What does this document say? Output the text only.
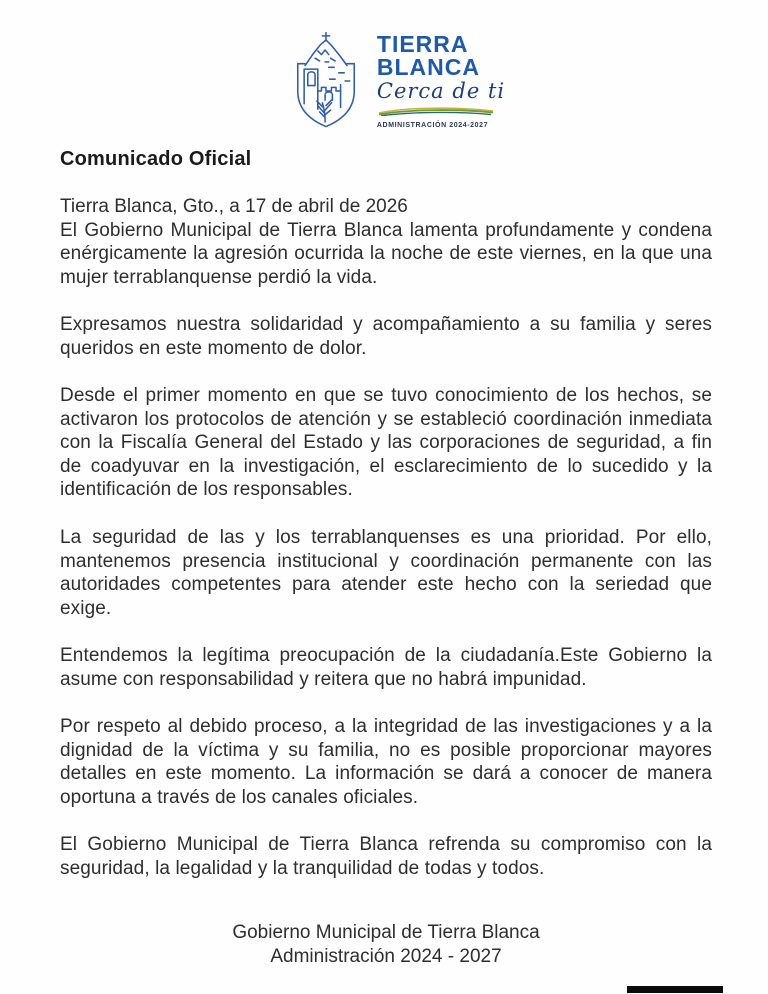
TIERRA
BLANCA
Cerca de ti
ADMINISTRACIÓN 2024-2027
Comunicado Oficial
Tierra Blanca, Gto., a 17 de abril de 2026

El Gobierno Municipal de Tierra Blanca lamenta profundamente y condena enérgicamente la agresión ocurrida la noche de este viernes, en la que una mujer terrablanquense perdió la vida.

Expresamos nuestra solidaridad y acompañamiento a su familia y seres queridos en este momento de dolor.

Desde el primer momento en que se tuvo conocimiento de los hechos, se activaron los protocolos de atención y se estableció coordinación inmediata con la Fiscalía General del Estado y las corporaciones de seguridad, a fin de coadyuvar en la investigación, el esclarecimiento de lo sucedido y la identificación de los responsables.

La seguridad de las y los terrablanquenses es una prioridad. Por ello, mantenemos presencia institucional y coordinación permanente con las autoridades competentes para atender este hecho con la seriedad que exige.

Entendemos la legítima preocupación de la ciudadanía.Este Gobierno la asume con responsabilidad y reitera que no habrá impunidad.

Por respeto al debido proceso, a la integridad de las investigaciones y a la dignidad de la víctima y su familia, no es posible proporcionar mayores detalles en este momento. La información se dará a conocer de manera oportuna a través de los canales oficiales.

El Gobierno Municipal de Tierra Blanca refrenda su compromiso con la seguridad, la legalidad y la tranquilidad de todas y todos.

Gobierno Municipal de Tierra Blanca
Administración 2024 - 2027
